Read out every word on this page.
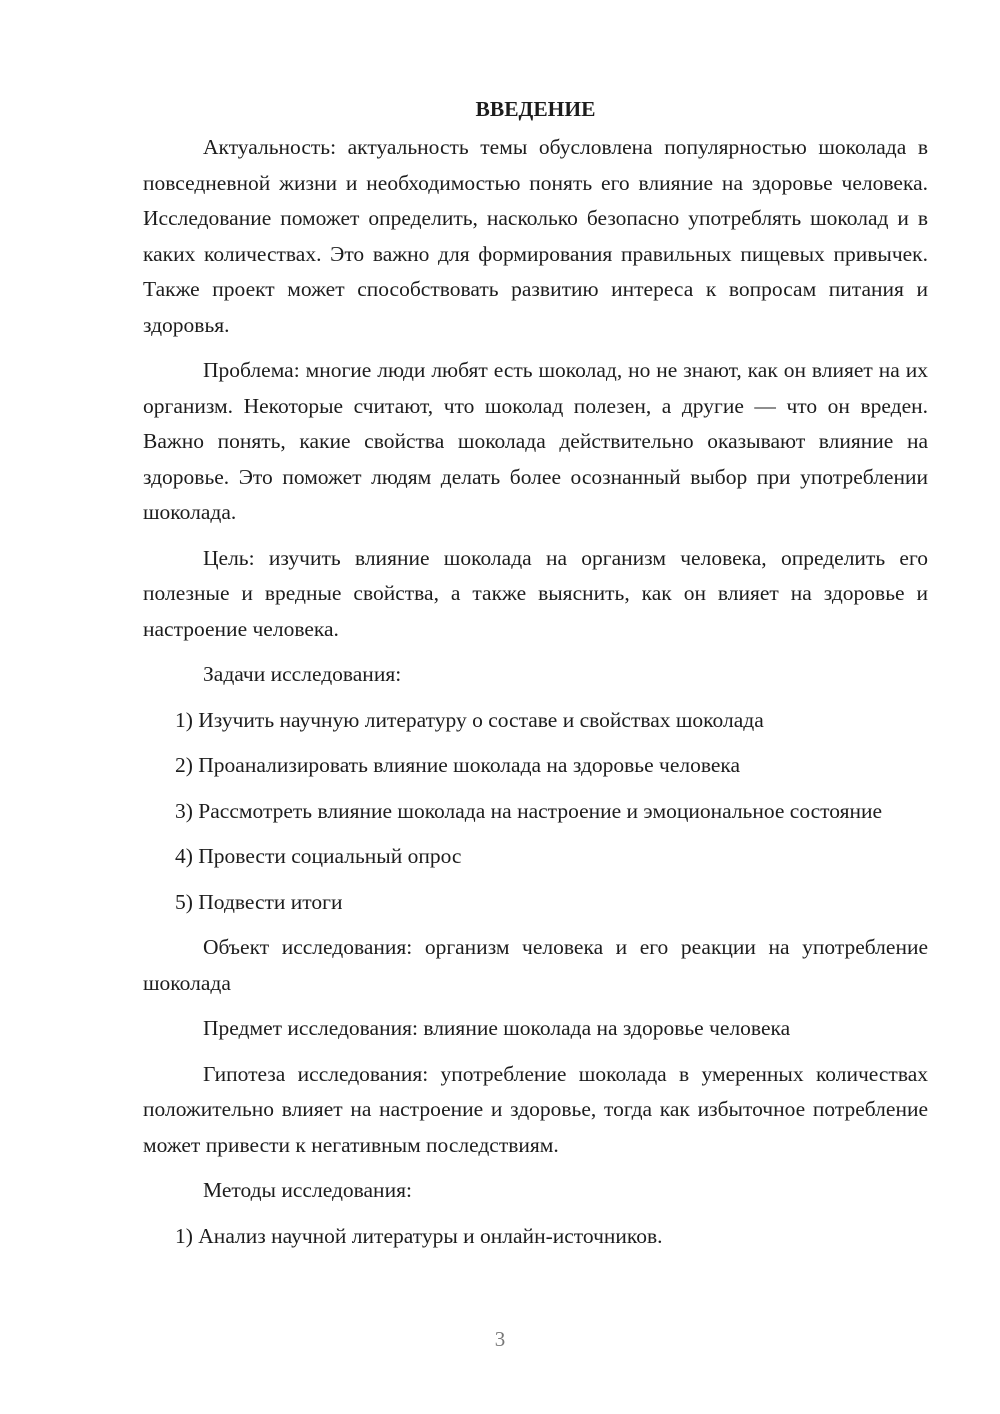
ВВЕДЕНИЕ

Актуальность: актуальность темы обусловлена популярностью шоколада в повседневной жизни и необходимостью понять его влияние на здоровье человека. Исследование поможет определить, насколько безопасно употреблять шоколад и в каких количествах. Это важно для формирования правильных пищевых привычек. Также проект может способствовать развитию интереса к вопросам питания и здоровья.

Проблема: многие люди любят есть шоколад, но не знают, как он влияет на их организм. Некоторые считают, что шоколад полезен, а другие — что он вреден. Важно понять, какие свойства шоколада действительно оказывают влияние на здоровье. Это поможет людям делать более осознанный выбор при употреблении шоколада.

Цель: изучить влияние шоколада на организм человека, определить его полезные и вредные свойства, а также выяснить, как он влияет на здоровье и настроение человека.

Задачи исследования:

1) Изучить научную литературу о составе и свойствах шоколада

2) Проанализировать влияние шоколада на здоровье человека

3) Рассмотреть влияние шоколада на настроение и эмоциональное состояние

4) Провести социальный опрос

5) Подвести итоги

Объект исследования: организм человека и его реакции на употребление шоколада

Предмет исследования: влияние шоколада на здоровье человека

Гипотеза исследования: употребление шоколада в умеренных количествах положительно влияет на настроение и здоровье, тогда как избыточное потребление может привести к негативным последствиям.

Методы исследования:

1) Анализ научной литературы и онлайн-источников.

3
